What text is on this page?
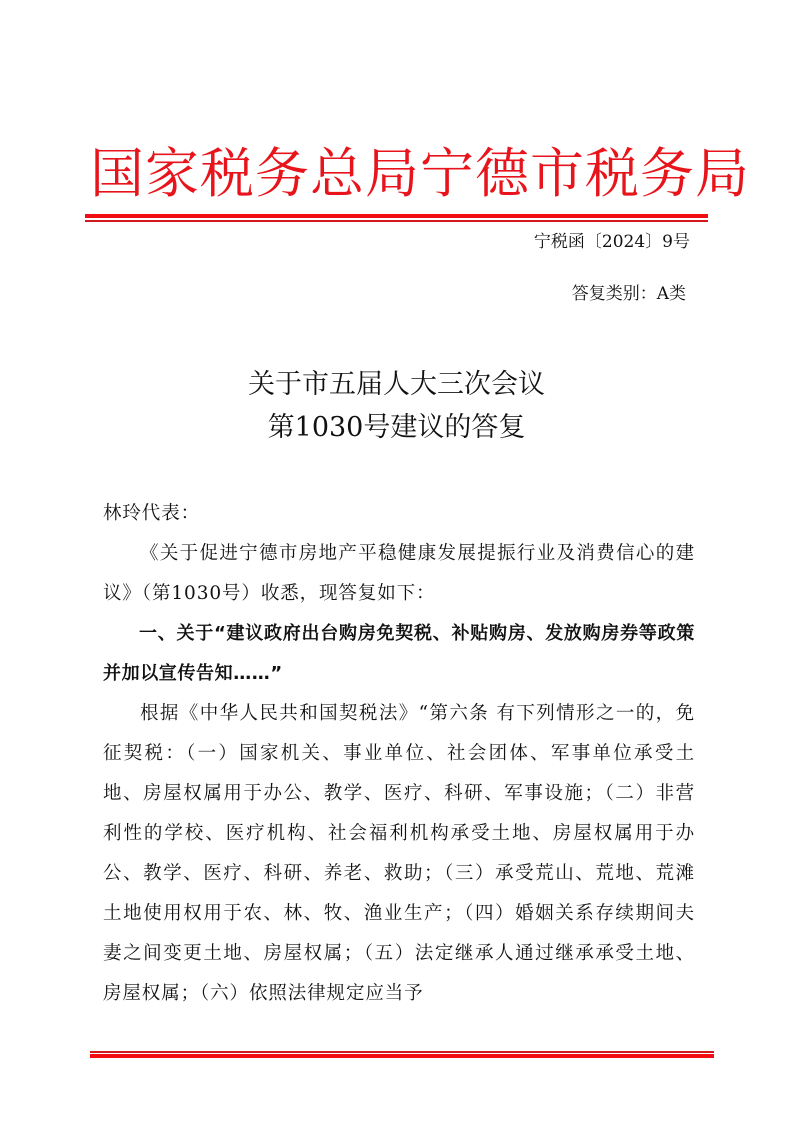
国家税务总局宁德市税务局
宁税函〔2024〕9号
答复类别：A类
关于市五届人大三次会议
第1030号建议的答复
林玲代表：
《关于促进宁德市房地产平稳健康发展提振行业及消费信心的建议》（第1030号）收悉，现答复如下：
一、关于“建议政府出台购房免契税、补贴购房、发放购房券等政策并加以宣传告知……”
根据《中华人民共和国契税法》“第六条 有下列情形之一的，免征契税：（一）国家机关、事业单位、社会团体、军事单位承受土地、房屋权属用于办公、教学、医疗、科研、军事设施；（二）非营利性的学校、医疗机构、社会福利机构承受土地、房屋权属用于办公、教学、医疗、科研、养老、救助；（三）承受荒山、荒地、荒滩土地使用权用于农、林、牧、渔业生产；（四）婚姻关系存续期间夫妻之间变更土地、房屋权属；（五）法定继承人通过继承承受土地、房屋权属；（六）依照法律规定应当予
